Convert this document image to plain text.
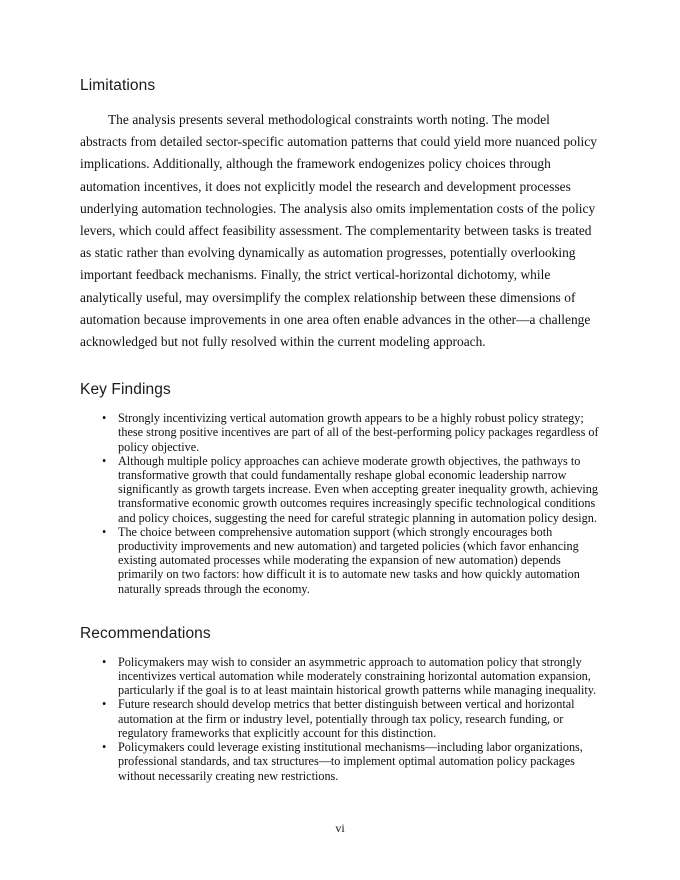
Limitations

The analysis presents several methodological constraints worth noting. The model abstracts from detailed sector-specific automation patterns that could yield more nuanced policy implications. Additionally, although the framework endogenizes policy choices through automation incentives, it does not explicitly model the research and development processes underlying automation technologies. The analysis also omits implementation costs of the policy levers, which could affect feasibility assessment. The complementarity between tasks is treated as static rather than evolving dynamically as automation progresses, potentially overlooking important feedback mechanisms. Finally, the strict vertical-horizontal dichotomy, while analytically useful, may oversimplify the complex relationship between these dimensions of automation because improvements in one area often enable advances in the other—a challenge acknowledged but not fully resolved within the current modeling approach.

Key Findings
• Strongly incentivizing vertical automation growth appears to be a highly robust policy strategy; these strong positive incentives are part of all of the best-performing policy packages regardless of policy objective.
• Although multiple policy approaches can achieve moderate growth objectives, the pathways to transformative growth that could fundamentally reshape global economic leadership narrow significantly as growth targets increase. Even when accepting greater inequality growth, achieving transformative economic growth outcomes requires increasingly specific technological conditions and policy choices, suggesting the need for careful strategic planning in automation policy design.
• The choice between comprehensive automation support (which strongly encourages both productivity improvements and new automation) and targeted policies (which favor enhancing existing automated processes while moderating the expansion of new automation) depends primarily on two factors: how difficult it is to automate new tasks and how quickly automation naturally spreads through the economy.
Recommendations
• Policymakers may wish to consider an asymmetric approach to automation policy that strongly incentivizes vertical automation while moderately constraining horizontal automation expansion, particularly if the goal is to at least maintain historical growth patterns while managing inequality.
• Future research should develop metrics that better distinguish between vertical and horizontal automation at the firm or industry level, potentially through tax policy, research funding, or regulatory frameworks that explicitly account for this distinction.
• Policymakers could leverage existing institutional mechanisms—including labor organizations, professional standards, and tax structures—to implement optimal automation policy packages without necessarily creating new restrictions.
vi
